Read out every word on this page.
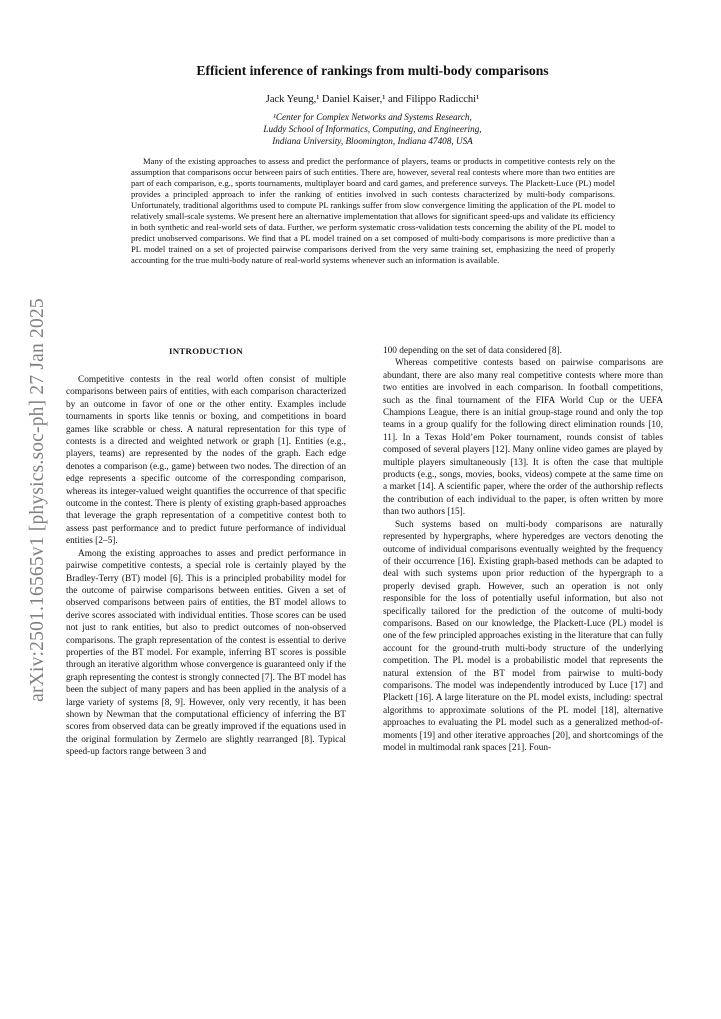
arXiv:2501.16565v1 [physics.soc-ph] 27 Jan 2025
Efficient inference of rankings from multi-body comparisons
Jack Yeung,¹ Daniel Kaiser,¹ and Filippo Radicchi¹
¹Center for Complex Networks and Systems Research,
Luddy School of Informatics, Computing, and Engineering,
Indiana University, Bloomington, Indiana 47408, USA

Many of the existing approaches to assess and predict the performance of players, teams or products in competitive contests rely on the assumption that comparisons occur between pairs of such entities. There are, however, several real contests where more than two entities are part of each comparison, e.g., sports tournaments, multiplayer board and card games, and preference surveys. The Plackett-Luce (PL) model provides a principled approach to infer the ranking of entities involved in such contests characterized by multi-body comparisons. Unfortunately, traditional algorithms used to compute PL rankings suffer from slow convergence limiting the application of the PL model to relatively small-scale systems. We present here an alternative implementation that allows for significant speed-ups and validate its efficiency in both synthetic and real-world sets of data. Further, we perform systematic cross-validation tests concerning the ability of the PL model to predict unobserved comparisons. We find that a PL model trained on a set composed of multi-body comparisons is more predictive than a PL model trained on a set of projected pairwise comparisons derived from the very same training set, emphasizing the need of properly accounting for the true multi-body nature of real-world systems whenever such an information is available.

INTRODUCTION

Competitive contests in the real world often consist of multiple comparisons between pairs of entities, with each comparison characterized by an outcome in favor of one or the other entity. Examples include tournaments in sports like tennis or boxing, and competitions in board games like scrabble or chess. A natural representation for this type of contests is a directed and weighted network or graph [1]. Entities (e.g., players, teams) are represented by the nodes of the graph. Each edge denotes a comparison (e.g., game) between two nodes. The direction of an edge represents a specific outcome of the corresponding comparison, whereas its integer-valued weight quantifies the occurrence of that specific outcome in the contest. There is plenty of existing graph-based approaches that leverage the graph representation of a competitive contest both to assess past performance and to predict future performance of individual entities [2–5].

Among the existing approaches to asses and predict performance in pairwise competitive contests, a special role is certainly played by the Bradley-Terry (BT) model [6]. This is a principled probability model for the outcome of pairwise comparisons between entities. Given a set of observed comparisons between pairs of entities, the BT model allows to derive scores associated with individual entities. Those scores can be used not just to rank entities, but also to predict outcomes of non-observed comparisons. The graph representation of the contest is essential to derive properties of the BT model. For example, inferring BT scores is possible through an iterative algorithm whose convergence is guaranteed only if the graph representing the contest is strongly connected [7]. The BT model has been the subject of many papers and has been applied in the analysis of a large variety of systems [8, 9]. However, only very recently, it has been shown by Newman that the computational efficiency of inferring the BT scores from observed data can be greatly improved if the equations used in the original formulation by Zermelo are slightly rearranged [8]. Typical speed-up factors range between 3 and

100 depending on the set of data considered [8].

Whereas competitive contests based on pairwise comparisons are abundant, there are also many real competitive contests where more than two entities are involved in each comparison. In football competitions, such as the final tournament of the FIFA World Cup or the UEFA Champions League, there is an initial group-stage round and only the top teams in a group qualify for the following direct elimination rounds [10, 11]. In a Texas Hold’em Poker tournament, rounds consist of tables composed of several players [12]. Many online video games are played by multiple players simultaneously [13]. It is often the case that multiple products (e.g., songs, movies, books, videos) compete at the same time on a market [14]. A scientific paper, where the order of the authorship reflects the contribution of each individual to the paper, is often written by more than two authors [15].

Such systems based on multi-body comparisons are naturally represented by hypergraphs, where hyperedges are vectors denoting the outcome of individual comparisons eventually weighted by the frequency of their occurrence [16]. Existing graph-based methods can be adapted to deal with such systems upon prior reduction of the hypergraph to a properly devised graph. However, such an operation is not only responsible for the loss of potentially useful information, but also not specifically tailored for the prediction of the outcome of multi-body comparisons. Based on our knowledge, the Plackett-Luce (PL) model is one of the few principled approaches existing in the literature that can fully account for the ground-truth multi-body structure of the underlying competition. The PL model is a probabilistic model that represents the natural extension of the BT model from pairwise to multi-body comparisons. The model was independently introduced by Luce [17] and Plackett [16]. A large literature on the PL model exists, including: spectral algorithms to approximate solutions of the PL model [18], alternative approaches to evaluating the PL model such as a generalized method-of-moments [19] and other iterative approaches [20], and shortcomings of the model in multimodal rank spaces [21]. Foun-
